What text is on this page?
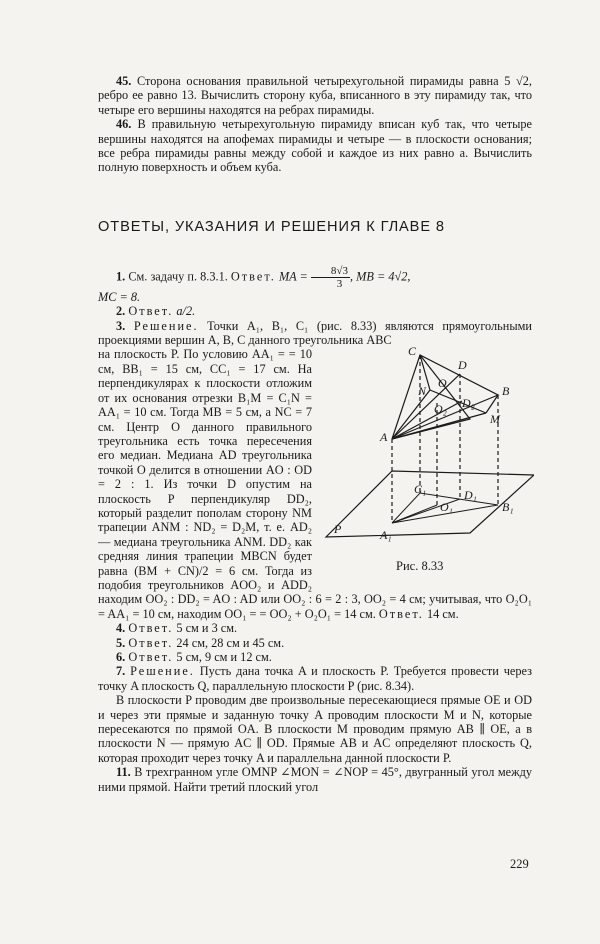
45. Сторона основания правильной четырехугольной пирамиды равна 5 √2, ребро ее равно 13. Вычислить сторону куба, вписанного в эту пирамиду так, что четыре его вершины находятся на ребрах пирамиды.

46. В правильную четырехугольную пирамиду вписан куб так, что четыре вершины находятся на апофемах пирамиды и четыре — в плоскости основания; все ребра пирамиды равны между собой и каждое из них равно a. Вычислить полную поверхность и объем куба.

ОТВЕТЫ, УКАЗАНИЯ И РЕШЕНИЯ К ГЛАВЕ 8

1. См. задачу п. 8.3.1. Ответ. MA = $\frac{8√3}{3}$ , MB = 4√2,

MC = 8.

2. Ответ. a/2.

3. Решение. Точки A₁, B₁, C₁ (рис. 8.33) являются прямоугольными проекциями вершин A, B, C данного треугольника ABC

C
D
B
O
D₂
N
O₂
M
A
C₁	D₁
O₁	B₁
A₁
P
Рис. 8.33

на плоскость P. По условию AA₁ = = 10 см, BB₁ = 15 см, CC₁ = 17 см. На перпендикулярах к плоскости отложим от их основания отрезки B₁M = C₁N = AA₁ = 10 см. Тогда MB = 5 см, а NC = 7 см. Центр O данного правильного треугольника есть точка пересечения его медиан. Медиана AD треугольника точкой O делится в отношении AO : OD = 2 : 1. Из точки D опустим на плоскость P перпендикуляр DD₂, который разделит пополам сторону NM трапеции ANM : ND₂ = D₂M, т. е. AD₂ — медиана треугольника ANM. DD₂ как средняя линия трапеции MBCN будет равна (BM + CN)/2 = 6 см. Тогда из подобия треугольников AOO₂ и ADD₂ находим OO₂ : DD₂ = AO : AD или OO₂ : 6 = 2 : 3, OO₂ = 4 см; учитывая, что O₂O₁ = AA₁ = 10 см, находим OO₁ = = OO₂ + O₂O₁ = 14 см. Ответ. 14 см.

4. Ответ. 5 см и 3 см.

5. Ответ. 24 см, 28 см и 45 см.

6. Ответ. 5 см, 9 см и 12 см.

7. Решение. Пусть дана точка A и плоскость P. Требуется провести через точку A плоскость Q, параллельную плоскости P (рис. 8.34).

В плоскости P проводим две произвольные пересекающиеся прямые OE и OD и через эти прямые и заданную точку A проводим плоскости M и N, которые пересекаются по прямой OA. В плоскости M проводим прямую AB ∥ OE, а в плоскости N — прямую AC ∥ OD. Прямые AB и AC определяют плоскость Q, которая проходит через точку A и параллельна данной плоскости P.

11. В трехгранном угле OMNP ∠MON = ∠NOP = 45°, двугранный угол между ними прямой. Найти третий плоский угол

229
